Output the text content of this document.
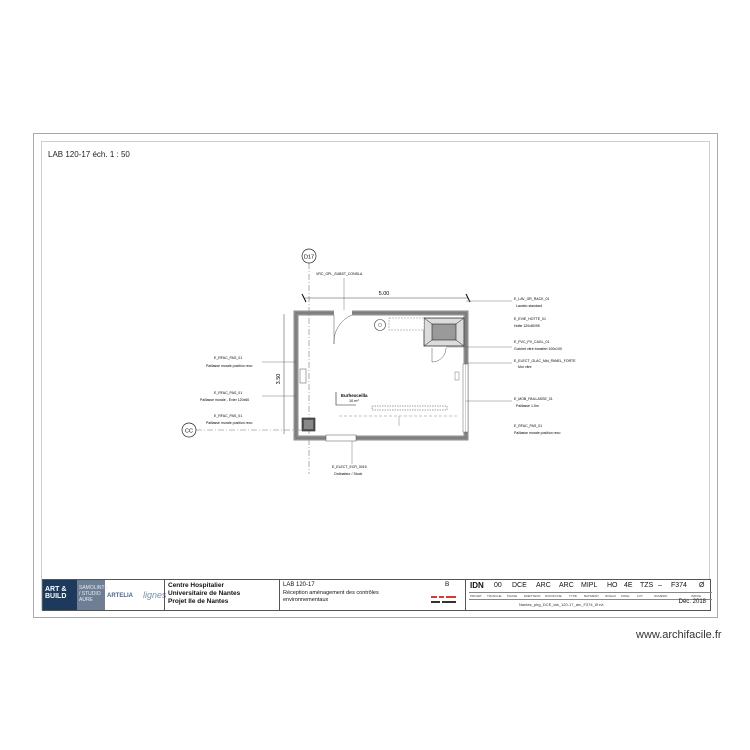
LAB 120-17 éch. 1 : 50
D17
CC
5.00
3.50
Eurhexceilla
10 m²
VRC_GPL_SUBST_CONSLA
E_LAV_GR_RACK_01
Lavabo standard
E_EVIE_HOTTE_01
Hotte 120x80/95
E_PVC_PV_CAGL_01
Guichet vitré transfert 100x100
E_ELECT_GLAC_Mid_PANEL_FORTE
Mur vitre
E_MOB_PAILLASSE_01
Paillasse 1.5m
E_RFAC_PAS_01
Paillasse murale position reco
E_RFAC_PAS_01
Paillasse murale position reco
E_RFAC_PAS_01
Paillasse murale - Évier 120x60
E_RFAC_PAS_01
Paillasse murale position reco
E_ELECT_ECR_0015
Ordinateur / Stock
ART & BUILD
SAMOLINTE / STUDIO AURE
ARTELIA lignes
Centre Hospitalier
Universitaire de Nantes
Projet Ile de Nantes
LAB 120-17
Réception aménagement des contrôles environnementaux
B	IDN 00 DCE ARC ARC MIPL HO 4E TZS – F374 Ø
PROJET TRANCHE PHASE EMETTEUR DISCIPLINE TYPE BATIMENT NIVEAU ZONE	LOT	NUMERO	INDICE
Nantes_phg_DCE_lab_120-17_arc_F374_Ø.rvt	Déc. 2018
www.archifacile.fr
